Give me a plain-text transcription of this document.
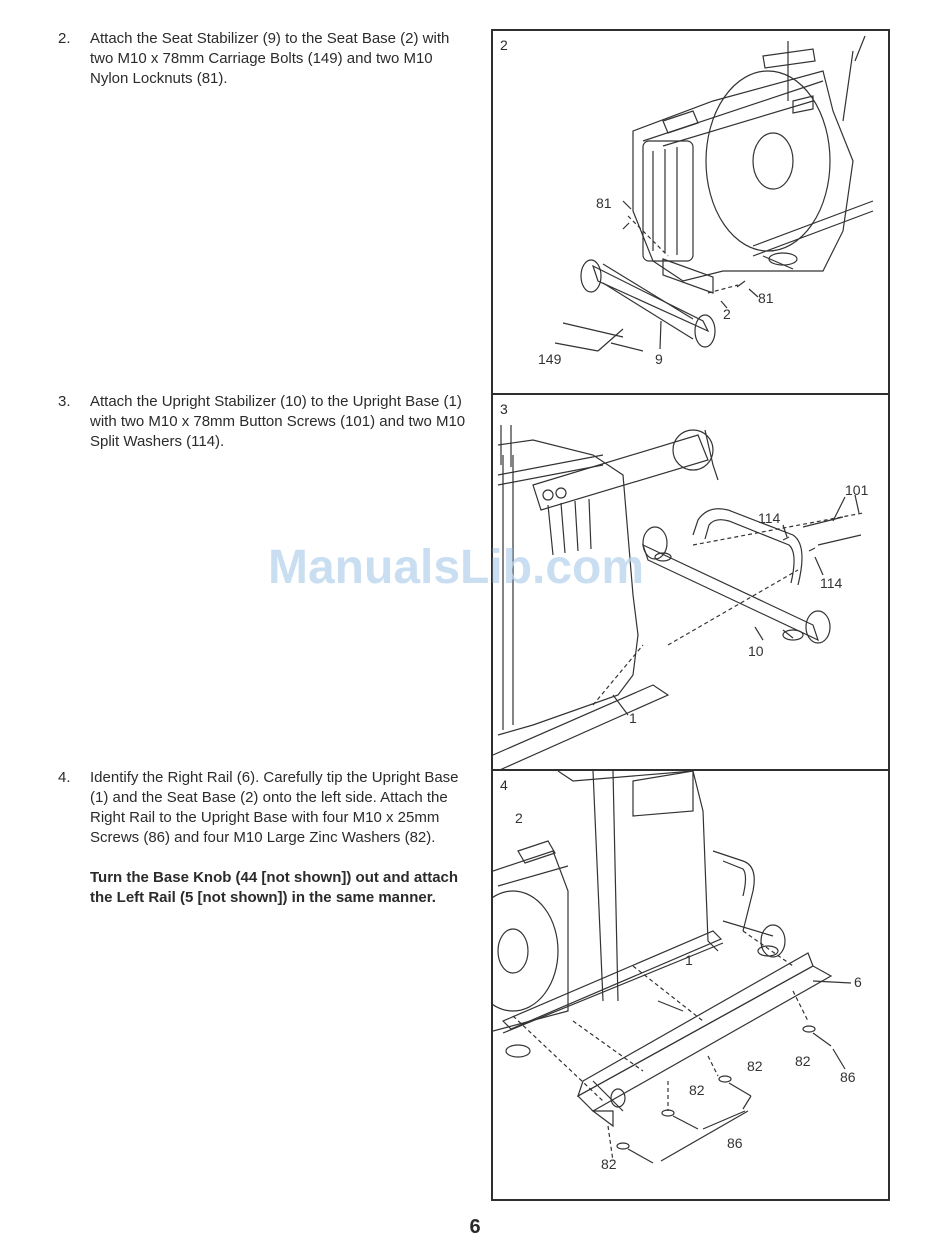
2. Attach the Seat Stabilizer (9) to the Seat Base (2) with two M10 x 78mm Carriage Bolts (149) and two M10 Nylon Locknuts (81).
3. Attach the Upright Stabilizer (10) to the Upright Base (1) with two M10 x 78mm Button Screws (101) and two M10 Split Washers (114).
4. Identify the Right Rail (6). Carefully tip the Upright Base (1) and the Seat Base (2) onto the left side. Attach the Right Rail to the Upright Base with four M10 x 25mm Screws (86) and four M10 Large Zinc Washers (82).
Turn the Base Knob (44 [not shown]) out and attach the Left Rail (5 [not shown]) in the same manner.
81
81
2
149	9
2
101
114
114
10
1
3
2
1
6
82
82
82
82
86
86
4
ManualsLib.com
6
